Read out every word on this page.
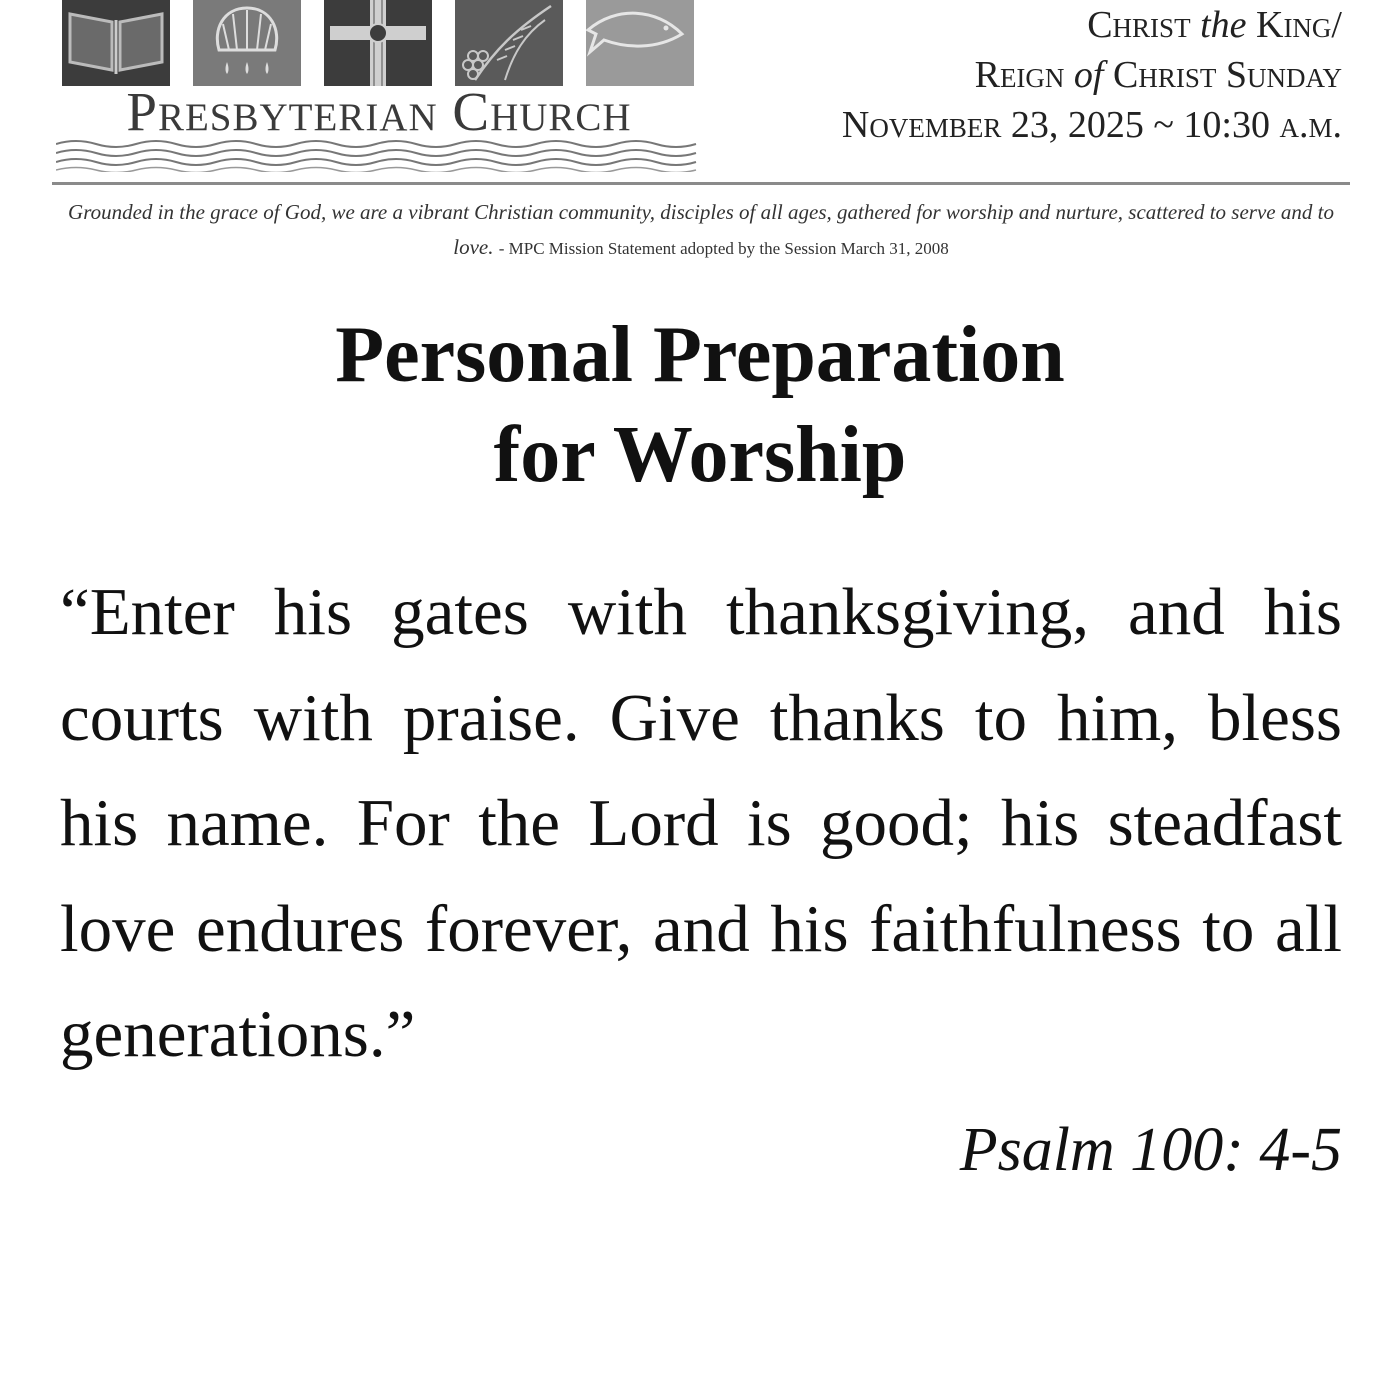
Presbyterian Church
Christ the King/
Reign of Christ Sunday
November 23, 2025 ~ 10:30 a.m.
Grounded in the grace of God, we are a vibrant Christian community, disciples of all ages, gathered for worship and nurture, scattered to serve and to love. - MPC Mission Statement adopted by the Session March 31, 2008
Personal Preparation
for Worship

“Enter his gates with thanksgiving, and his courts with praise. Give thanks to him, bless his name. For the Lord is good; his steadfast love endures forever, and his faithfulness to all generations.”

Psalm 100: 4-5
